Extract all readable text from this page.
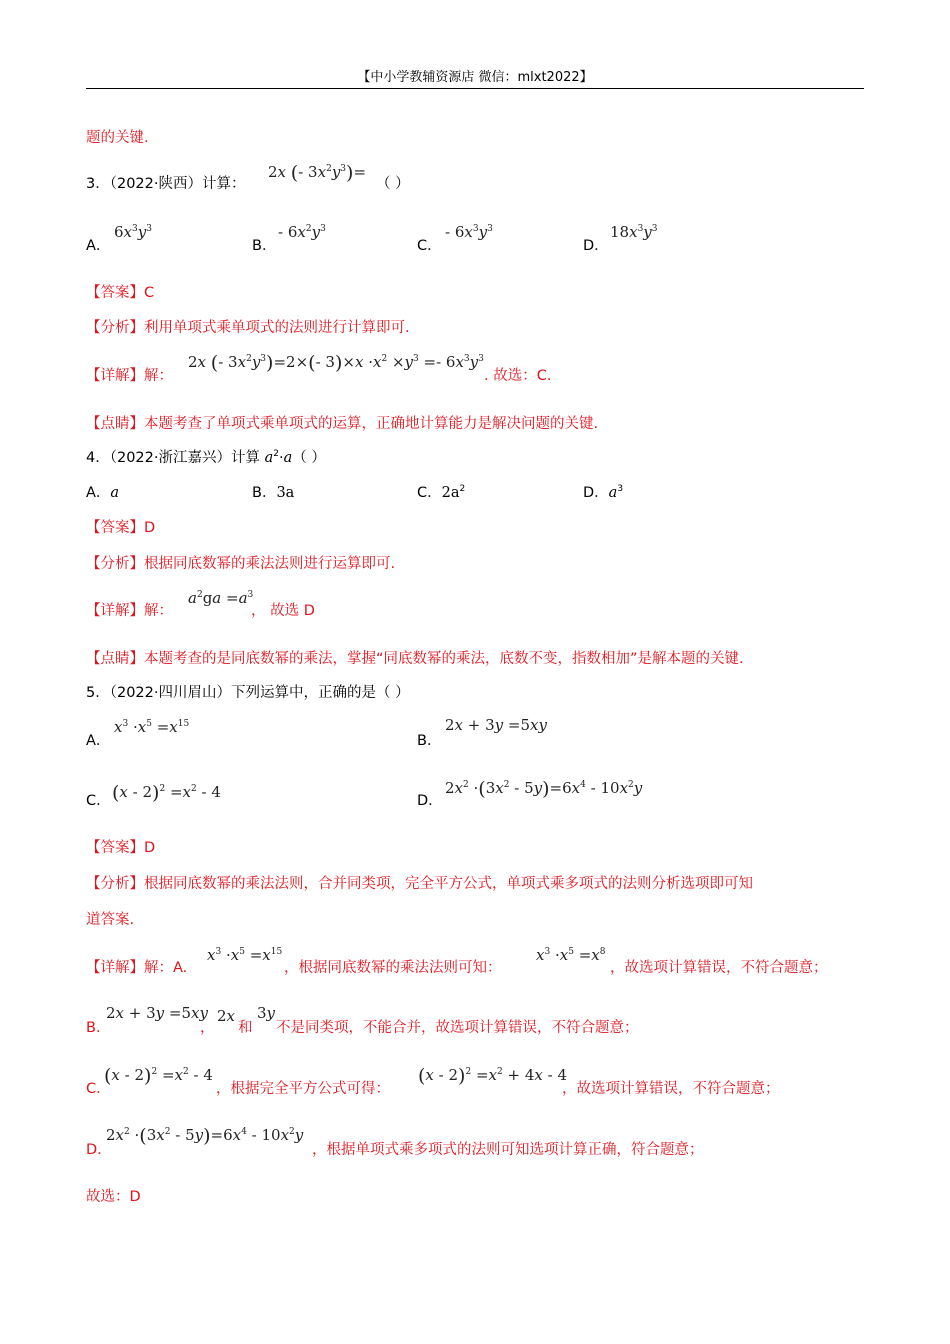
【中小学教辅资源店 微信：mlxt2022】
题的关键.
3．（2022·陕西）计算：
2x (- $3x^2y^3)=$
（ ）
A．
$6x^3y^3$
B．
- $6x^2y^3$
C．
- $6x^3y^3$
D．
$18x^3y^3$
【答案】C
【分析】利用单项式乘单项式的法则进行计算即可.
【详解】解：
2x (- $3x^2y^3)=2\times(-$ $3)\times x \cdot x^2 \times y^3 =- 6x^3y^3$
. 故选：C.
【点睛】本题考查了单项式乘单项式的运算，正确地计算能力是解决问题的关键.
4．（2022·浙江嘉兴）计算 $a^2\cdot a$（ ）
A．a	B．3a	C．$2a^2$	D．$a^3$
【答案】D
【分析】根据同底数幂的乘法法则进行运算即可.
【详解】解：
$a^2ga =a^3$
， 故选 D
【点睛】本题考查的是同底数幂的乘法，掌握“同底数幂的乘法，底数不变，指数相加”是解本题的关键.
5．（2022·四川眉山）下列运算中，正确的是（ ）
A．
$x^3 \cdot x^5 =x^{15}$
B．
2x + 3y =5xy
C． $(x - 2)^2 =x^2 - 4$	D．
$2x^2 \cdot(3x^2 - 5y)=6x^4 - 10x^2y$
【答案】D
【分析】根据同底数幂的乘法法则，合并同类项，完全平方公式，单项式乘多项式的法则分析选项即可知
道答案.
【详解】解：A.
$x^3 \cdot x^5 =x^{15}$
，根据同底数幂的乘法法则可知：
$x^3 \cdot x^5 =x^8$
，故选项计算错误，不符合题意；
B.
2x + 3y =5xy
，
2x
和
3y
不是同类项，不能合并，故选项计算错误，不符合题意；
C.
$(x - 2)^2 =x^2 - 4$
，根据完全平方公式可得：
$(x - 2)^2 =x^2 + 4x - 4$
，故选项计算错误，不符合题意；
D.
$2x^2 \cdot(3x^2 - 5y)=6x^4 - 10x^2y$
，根据单项式乘多项式的法则可知选项计算正确，符合题意；
故选：D
